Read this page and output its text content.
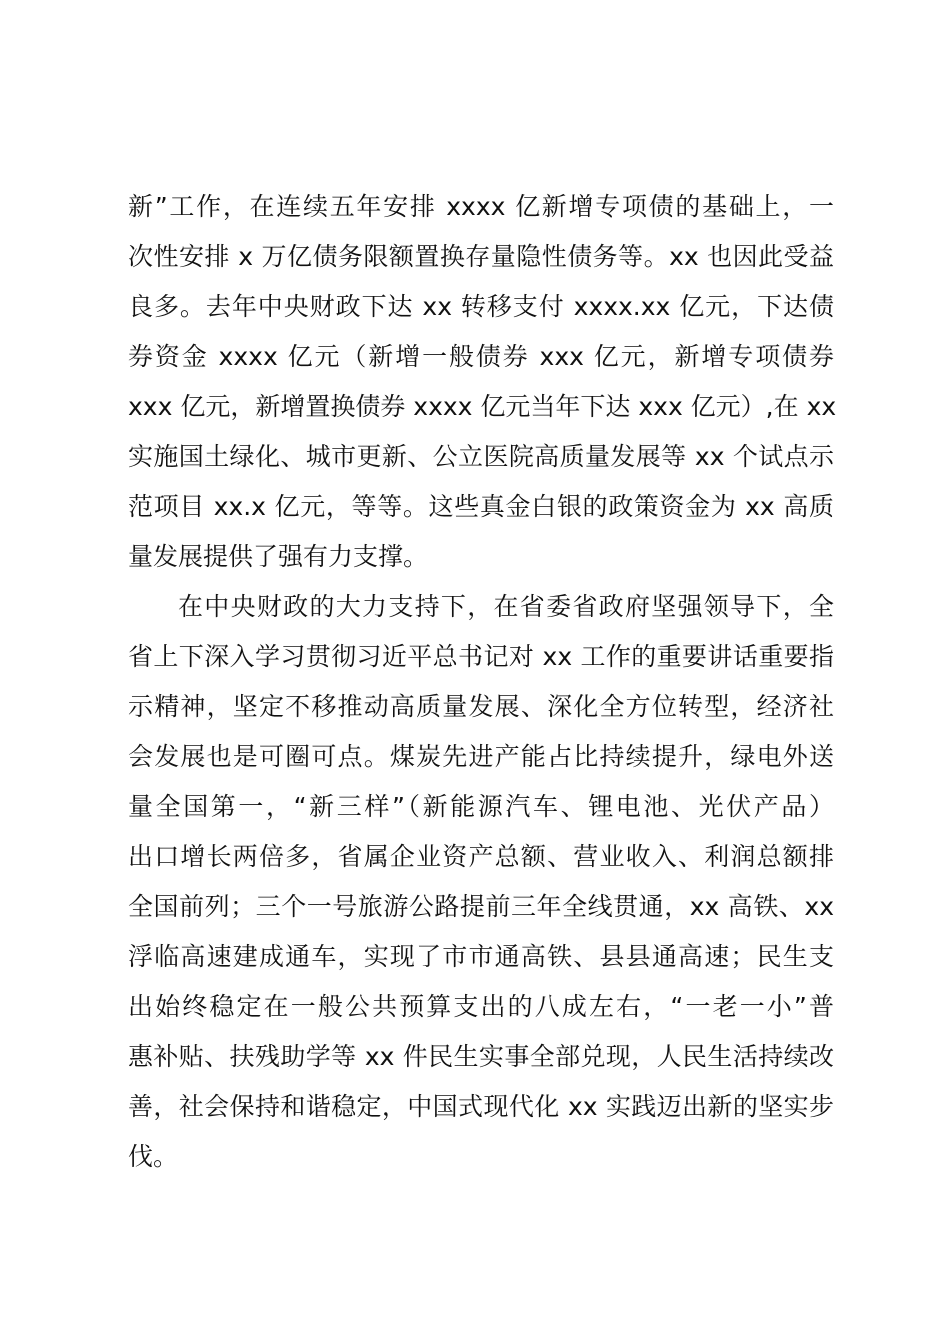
新”工作，在连续五年安排 xxxx 亿新增专项债的基础上，一
次性安排 x 万亿债务限额置换存量隐性债务等。xx 也因此受益
良多。去年中央财政下达 xx 转移支付 xxxx.xx 亿元，下达债
券资金 xxxx 亿元（新增一般债券 xxx 亿元，新增专项债券
xxx 亿元，新增置换债券 xxxx 亿元当年下达 xxx 亿元）,在 xx
实施国土绿化、城市更新、公立医院高质量发展等 xx 个试点示
范项目 xx.x 亿元，等等。这些真金白银的政策资金为 xx 高质
量发展提供了强有力支撑。
在中央财政的大力支持下，在省委省政府坚强领导下，全
省上下深入学习贯彻习近平总书记对 xx 工作的重要讲话重要指
示精神，坚定不移推动高质量发展、深化全方位转型，经济社
会发展也是可圈可点。煤炭先进产能占比持续提升，绿电外送
量全国第一，“新三样”（新能源汽车、锂电池、光伏产品）
出口增长两倍多，省属企业资产总额、营业收入、利润总额排
全国前列；三个一号旅游公路提前三年全线贯通，xx 高铁、xx
浮临高速建成通车，实现了市市通高铁、县县通高速；民生支
出始终稳定在一般公共预算支出的八成左右，“一老一小”普
惠补贴、扶残助学等 xx 件民生实事全部兑现，人民生活持续改
善，社会保持和谐稳定，中国式现代化 xx 实践迈出新的坚实步
伐。
